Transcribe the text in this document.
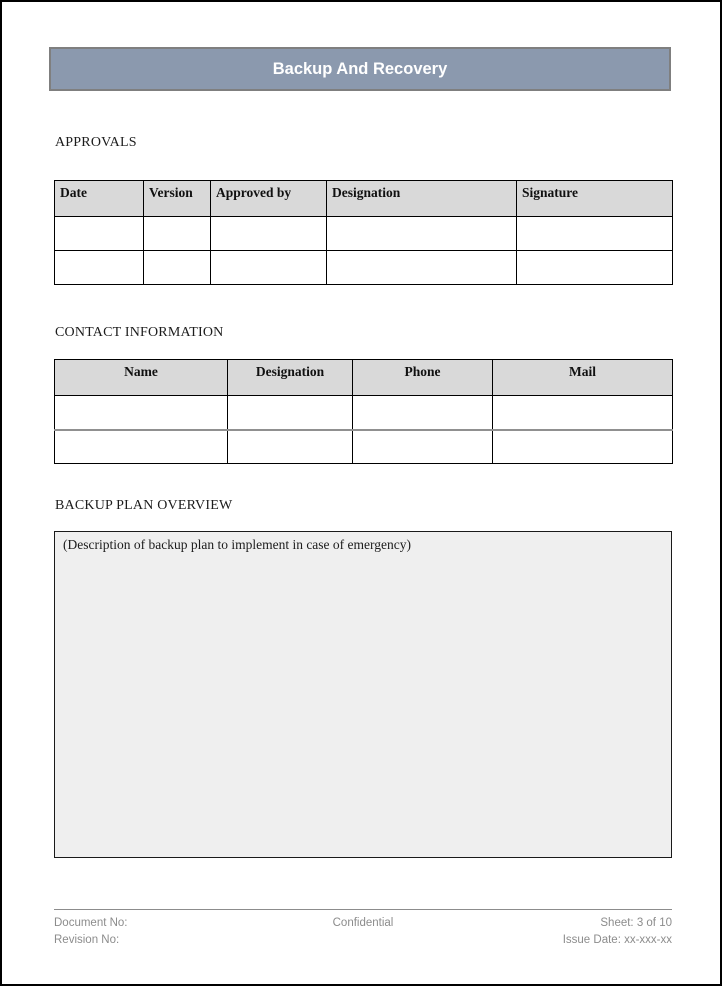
Backup And Recovery
APPROVALS
Date	Version	Approved by	Designation	Signature

CONTACT INFORMATION
Name	Designation	Phone	Mail

BACKUP PLAN OVERVIEW
(Description of backup plan to implement in case of emergency)
Document No:
Revision No:
Confidential	Sheet: 3 of 10
Issue Date: xx-xxx-xx
